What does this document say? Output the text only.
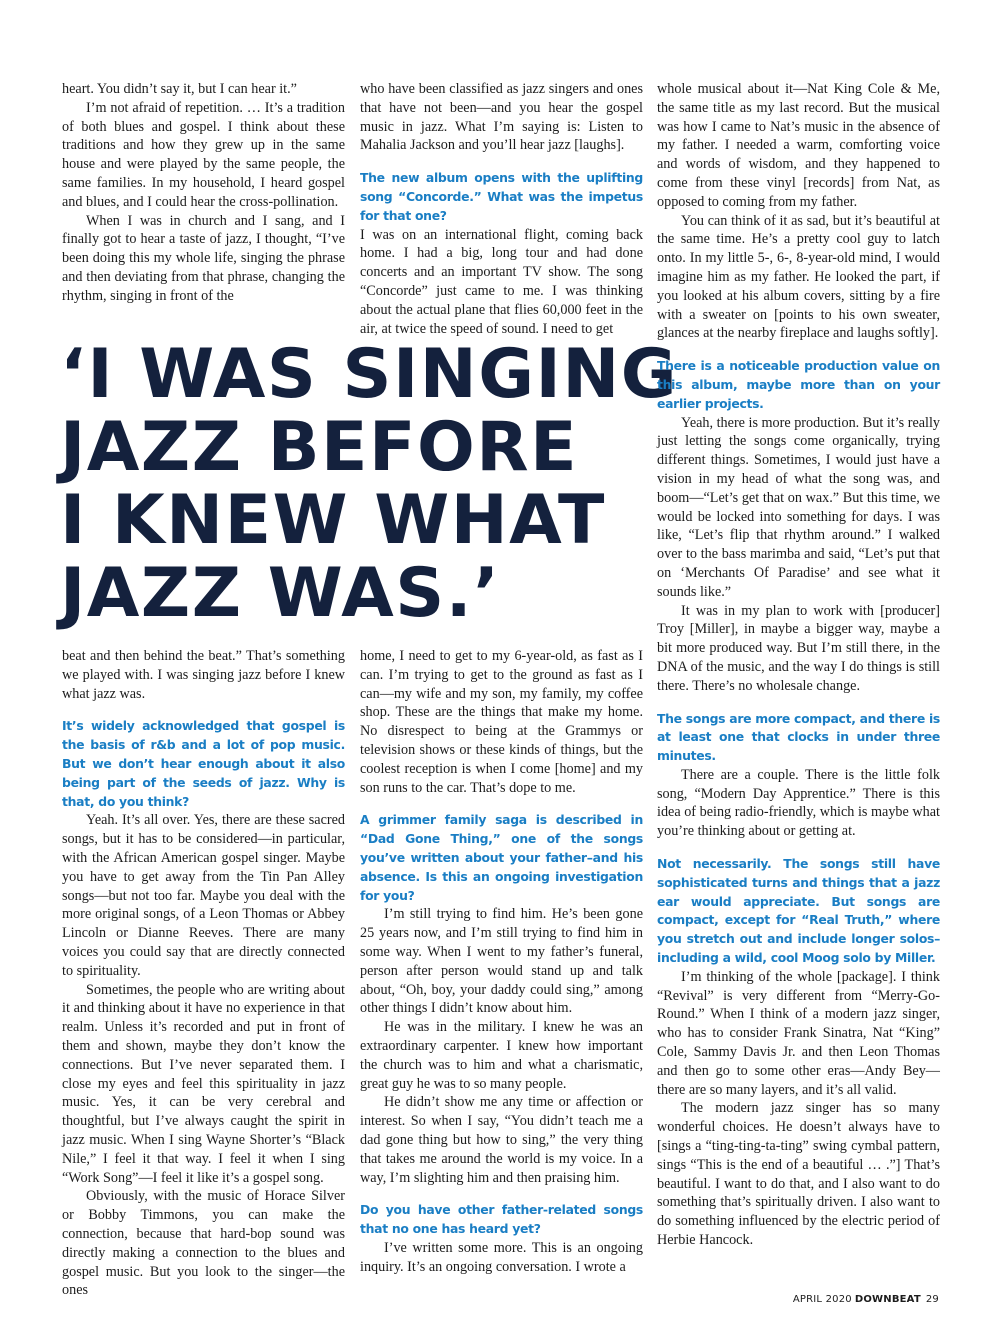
heart. You didn’t say it, but I can hear it.”

I’m not afraid of repetition. … It’s a tradition of both blues and gospel. I think about these traditions and how they grew up in the same house and were played by the same people, the same families. In my household, I heard gospel and blues, and I could hear the cross-pollination.

When I was in church and I sang, and I finally got to hear a taste of jazz, I thought, “I’ve been doing this my whole life, singing the phrase and then deviating from that phrase, changing the rhythm, singing in front of the

who have been classified as jazz singers and ones that have not been—and you hear the gospel music in jazz. What I’m saying is: Listen to Mahalia Jackson and you’ll hear jazz [laughs].

The new album opens with the uplifting song “Concorde.” What was the impetus for that one?

I was on an international flight, coming back home. I had a big, long tour and had done concerts and an important TV show. The song “Concorde” just came to me. I was thinking about the actual plane that flies 60,000 feet in the air, at twice the speed of sound. I need to get

‘I WAS SINGING
JAZZ BEFORE
I KNEW WHAT
JAZZ WAS.’

beat and then behind the beat.” That’s something we played with. I was singing jazz before I knew what jazz was.

It’s widely acknowledged that gospel is the basis of r&b and a lot of pop music. But we don’t hear enough about it also being part of the seeds of jazz. Why is that, do you think?

Yeah. It’s all over. Yes, there are these sacred songs, but it has to be considered—in particular, with the African American gospel singer. Maybe you have to get away from the Tin Pan Alley songs—but not too far. Maybe you deal with the more original songs, of a Leon Thomas or Abbey Lincoln or Dianne Reeves. There are many voices you could say that are directly connected to spirituality.

Sometimes, the people who are writing about it and thinking about it have no experience in that realm. Unless it’s recorded and put in front of them and shown, maybe they don’t know the connections. But I’ve never separated them. I close my eyes and feel this spirituality in jazz music. Yes, it can be very cerebral and thoughtful, but I’ve always caught the spirit in jazz music. When I sing Wayne Shorter’s “Black Nile,” I feel it that way. I feel it when I sing “Work Song”—I feel it like it’s a gospel song.

Obviously, with the music of Horace Silver or Bobby Timmons, you can make the connection, because that hard-bop sound was directly making a connection to the blues and gospel music. But you look to the singer—the ones

home, I need to get to my 6-year-old, as fast as I can. I’m trying to get to the ground as fast as I can—my wife and my son, my family, my coffee shop. These are the things that make my home. No disrespect to being at the Grammys or television shows or these kinds of things, but the coolest reception is when I come [home] and my son runs to the car. That’s dope to me.

A grimmer family saga is described in “Dad Gone Thing,” one of the songs you’ve written about your father–and his absence. Is this an ongoing investigation for you?

I’m still trying to find him. He’s been gone 25 years now, and I’m still trying to find him in some way. When I went to my father’s funeral, person after person would stand up and talk about, “Oh, boy, your daddy could sing,” among other things I didn’t know about him.

He was in the military. I knew he was an extraordinary carpenter. I knew how important the church was to him and what a charismatic, great guy he was to so many people.

He didn’t show me any time or affection or interest. So when I say, “You didn’t teach me a dad gone thing but how to sing,” the very thing that takes me around the world is my voice. In a way, I’m slighting him and then praising him.

Do you have other father-related songs that no one has heard yet?

I’ve written some more. This is an ongoing inquiry. It’s an ongoing conversation. I wrote a

whole musical about it—Nat King Cole & Me, the same title as my last record. But the musical was how I came to Nat’s music in the absence of my father. I needed a warm, comforting voice and words of wisdom, and they happened to come from these vinyl [records] from Nat, as opposed to coming from my father.

You can think of it as sad, but it’s beautiful at the same time. He’s a pretty cool guy to latch onto. In my little 5-, 6-, 8-year-old mind, I would imagine him as my father. He looked the part, if you looked at his album covers, sitting by a fire with a sweater on [points to his own sweater, glances at the nearby fireplace and laughs softly].

There is a noticeable production value on this album, maybe more than on your earlier projects.

Yeah, there is more production. But it’s really just letting the songs come organically, trying different things. Sometimes, I would just have a vision in my head of what the song was, and boom—“Let’s get that on wax.” But this time, we would be locked into something for days. I was like, “Let’s flip that rhythm around.” I walked over to the bass marimba and said, “Let’s put that on ‘Merchants Of Paradise’ and see what it sounds like.”

It was in my plan to work with [producer] Troy [Miller], in maybe a bigger way, maybe a bit more produced way. But I’m still there, in the DNA of the music, and the way I do things is still there. There’s no wholesale change.

The songs are more compact, and there is at least one that clocks in under three minutes.

There are a couple. There is the little folk song, “Modern Day Apprentice.” There is this idea of being radio-friendly, which is maybe what you’re thinking about or getting at.

Not necessarily. The songs still have sophisticated turns and things that a jazz ear would appreciate. But songs are compact, except for “Real Truth,” where you stretch out and include longer solos–including a wild, cool Moog solo by Miller.

I’m thinking of the whole [package]. I think “Revival” is very different from “Merry-Go-Round.” When I think of a modern jazz singer, who has to consider Frank Sinatra, Nat “King” Cole, Sammy Davis Jr. and then Leon Thomas and then go to some other eras—Andy Bey—there are so many layers, and it’s all valid.

The modern jazz singer has so many wonderful choices. He doesn’t always have to [sings a “ting-ting-ta-ting” swing cymbal pattern, sings “This is the end of a beautiful … .”] That’s beautiful. I want to do that, and I also want to do something that’s spiritually driven. I also want to do something influenced by the electric period of Herbie Hancock.

APRIL 2020 DOWNBEAT 29
